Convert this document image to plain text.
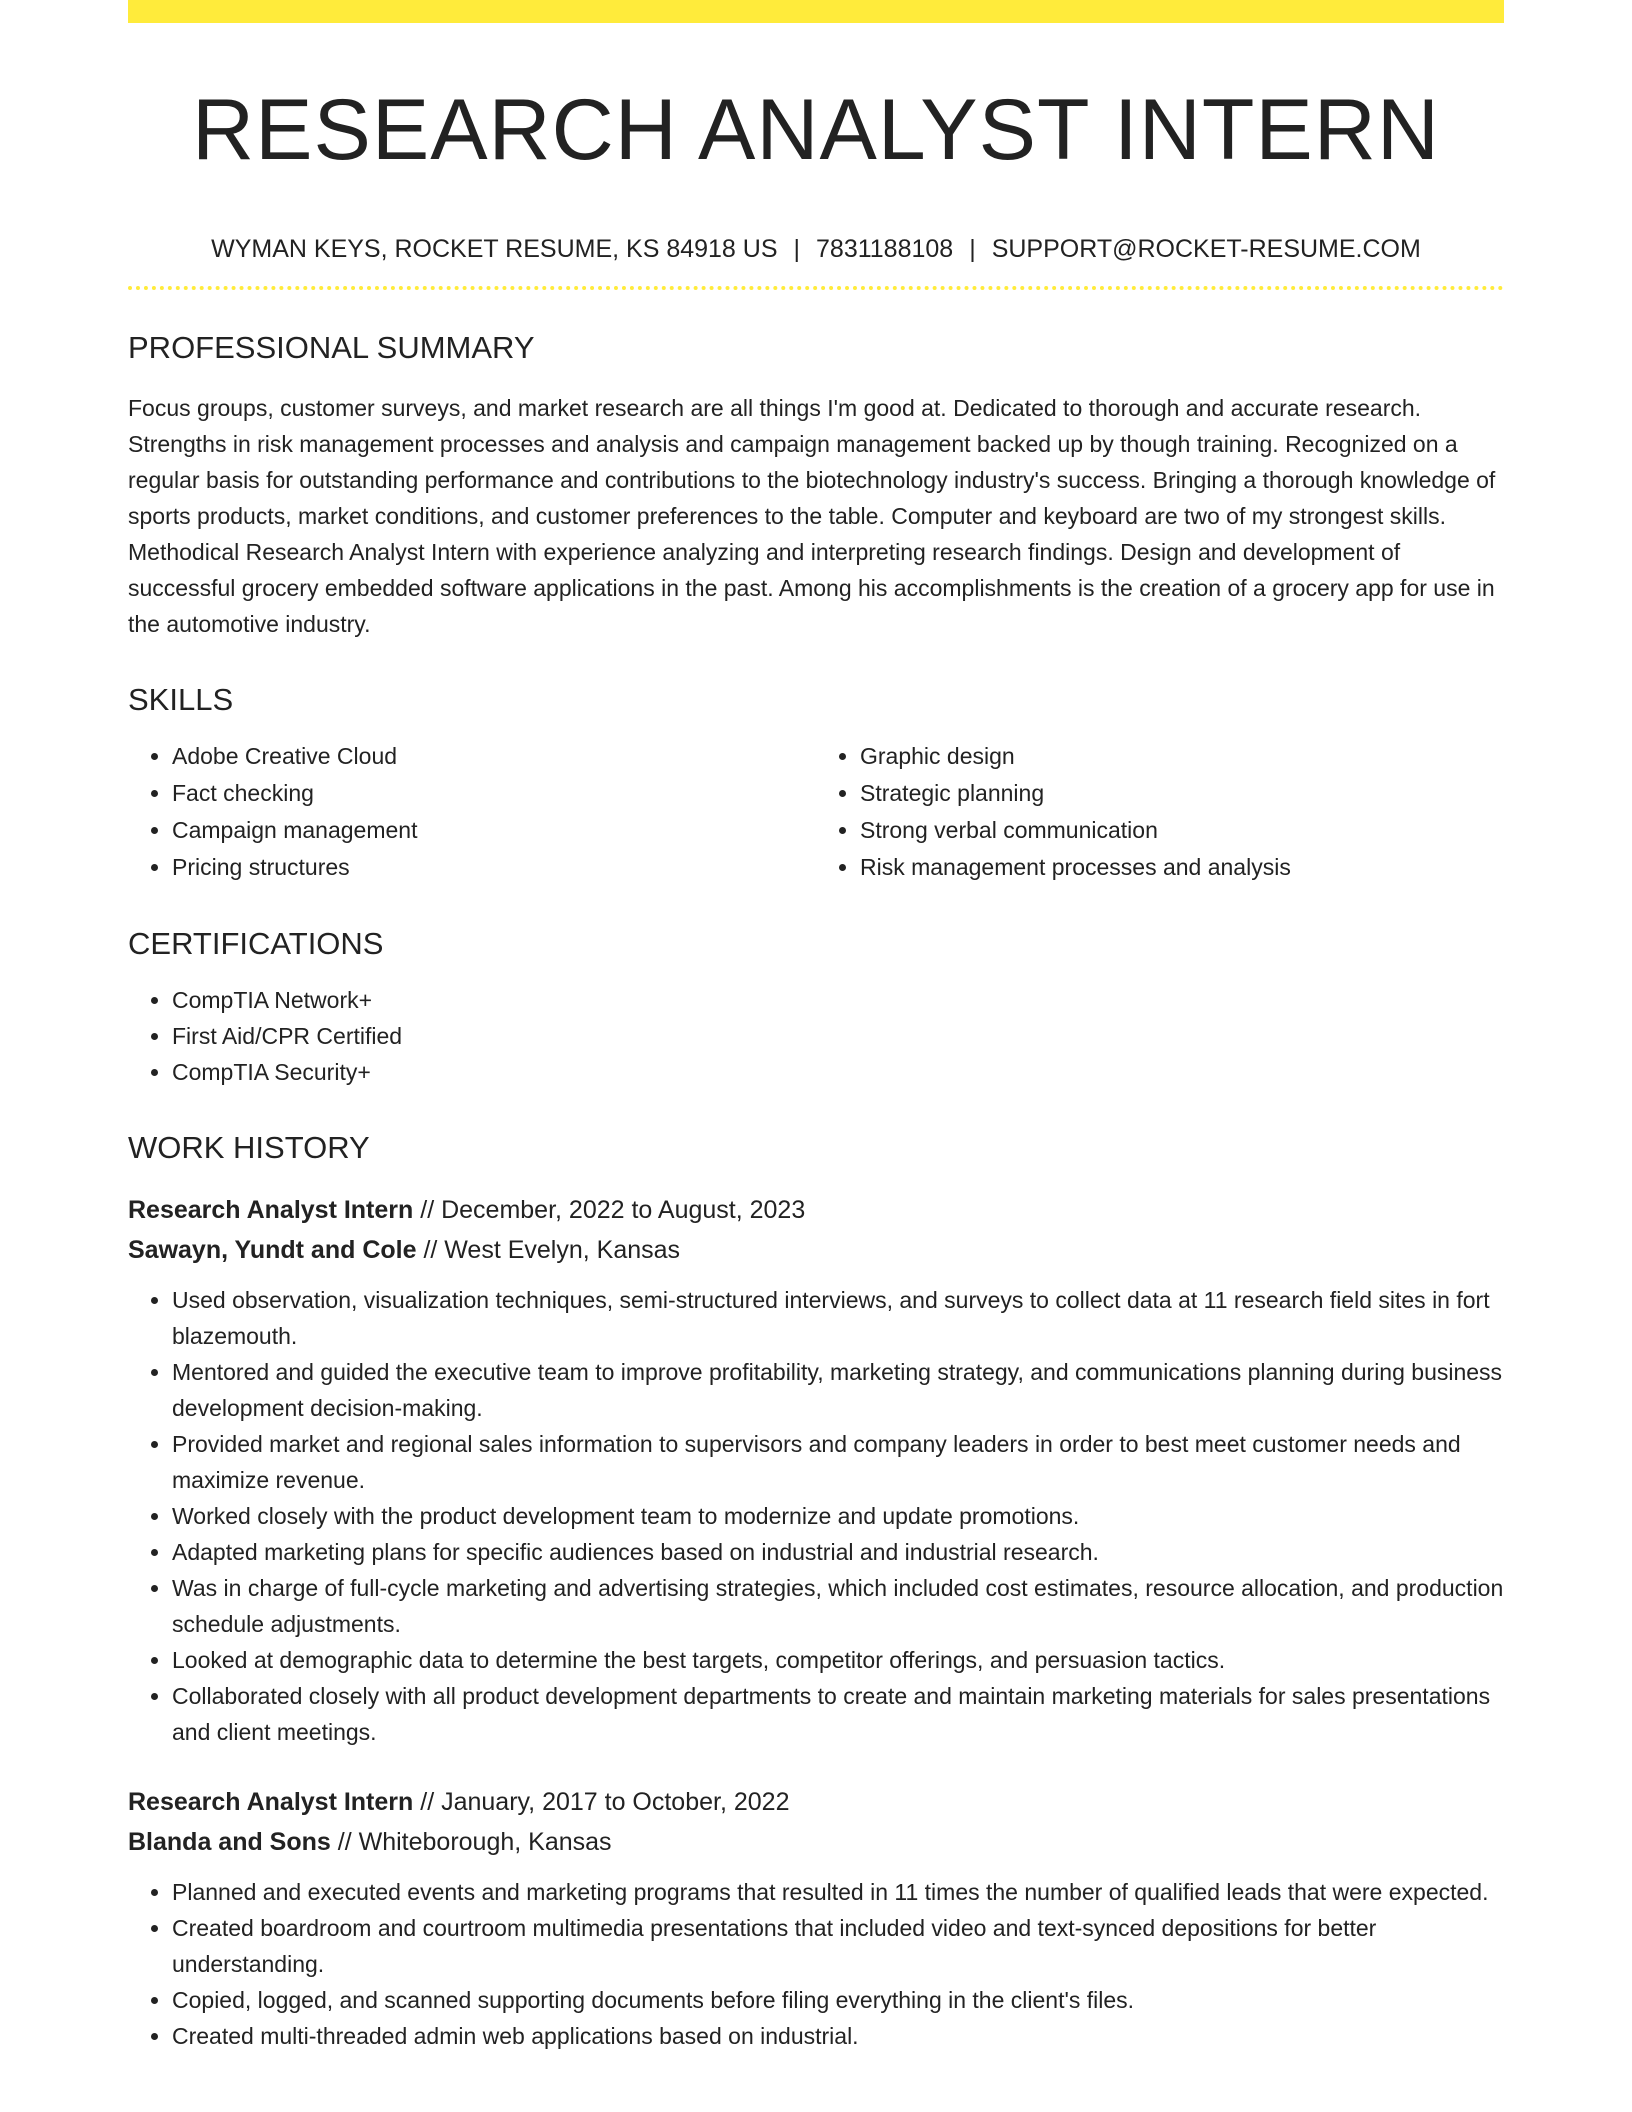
RESEARCH ANALYST INTERN
WYMAN KEYS, ROCKET RESUME, KS 84918 US | 7831188108 | SUPPORT@ROCKET-RESUME.COM
PROFESSIONAL SUMMARY
Focus groups, customer surveys, and market research are all things I'm good at. Dedicated to thorough and accurate research. Strengths in risk management processes and analysis and campaign management backed up by though training. Recognized on a regular basis for outstanding performance and contributions to the biotechnology industry's success. Bringing a thorough knowledge of sports products, market conditions, and customer preferences to the table. Computer and keyboard are two of my strongest skills. Methodical Research Analyst Intern with experience analyzing and interpreting research findings. Design and development of successful grocery embedded software applications in the past. Among his accomplishments is the creation of a grocery app for use in the automotive industry.
SKILLS
• Adobe Creative Cloud
• Fact checking
• Campaign management
• Pricing structures
• Graphic design
• Strategic planning
• Strong verbal communication
• Risk management processes and analysis
CERTIFICATIONS
• CompTIA Network+
• First Aid/CPR Certified
• CompTIA Security+
WORK HISTORY
Research Analyst Intern // December, 2022 to August, 2023
Sawayn, Yundt and Cole // West Evelyn, Kansas
• Used observation, visualization techniques, semi-structured interviews, and surveys to collect data at 11 research field sites in fort blazemouth.
• Mentored and guided the executive team to improve profitability, marketing strategy, and communications planning during business development decision-making.
• Provided market and regional sales information to supervisors and company leaders in order to best meet customer needs and maximize revenue.
• Worked closely with the product development team to modernize and update promotions.
• Adapted marketing plans for specific audiences based on industrial and industrial research.
• Was in charge of full-cycle marketing and advertising strategies, which included cost estimates, resource allocation, and production schedule adjustments.
• Looked at demographic data to determine the best targets, competitor offerings, and persuasion tactics.
• Collaborated closely with all product development departments to create and maintain marketing materials for sales presentations and client meetings.
Research Analyst Intern // January, 2017 to October, 2022
Blanda and Sons // Whiteborough, Kansas
• Planned and executed events and marketing programs that resulted in 11 times the number of qualified leads that were expected.
• Created boardroom and courtroom multimedia presentations that included video and text-synced depositions for better understanding.
• Copied, logged, and scanned supporting documents before filing everything in the client's files.
• Created multi-threaded admin web applications based on industrial.
